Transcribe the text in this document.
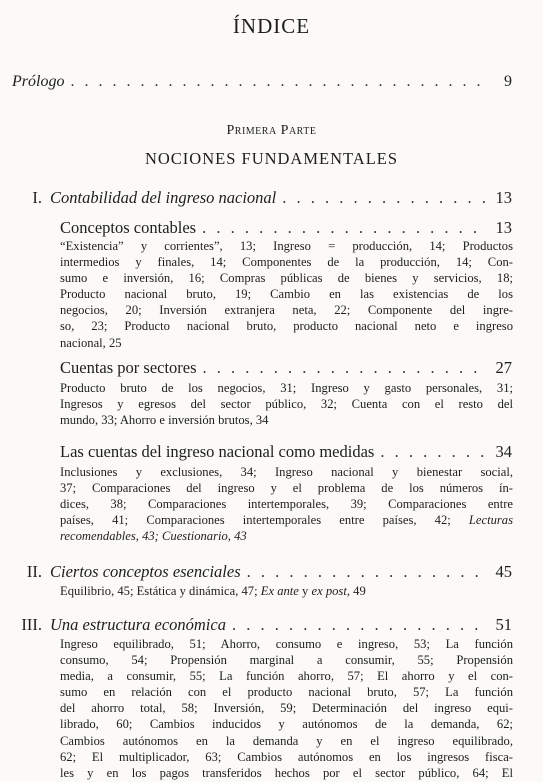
ÍNDICE
Prólogo . . .	9
Primera Parte
NOCIONES FUNDAMENTALES
I. Contabilidad del ingreso nacional . . .	13
Conceptos contables . . .	13
“Existencia” y corrientes”, 13; Ingreso = producción, 14; Productos
intermedios y finales, 14; Componentes de la producción, 14; Con-
sumo e inversión, 16; Compras públicas de bienes y servicios, 18;
Producto nacional bruto, 19; Cambio en las existencias de los
negocios, 20; Inversión extranjera neta, 22; Componente del ingre-
so, 23; Producto nacional bruto, producto nacional neto e ingreso
nacional, 25
Cuentas por sectores . . .	27
Producto bruto de los negocios, 31; Ingreso y gasto personales, 31;
Ingresos y egresos del sector público, 32; Cuenta con el resto del
mundo, 33; Ahorro e inversión brutos, 34
Las cuentas del ingreso nacional como medidas . . .	34
Inclusiones y exclusiones, 34; Ingreso nacional y bienestar social,
37; Comparaciones del ingreso y el problema de los números ín-
dices, 38; Comparaciones intertemporales, 39; Comparaciones entre
países, 41; Comparaciones intertemporales entre países, 42; Lecturas
recomendables, 43; Cuestionario, 43
II. Ciertos conceptos esenciales . . .	45
Equilibrio, 45; Estática y dinámica, 47; Ex ante y ex post, 49
III. Una estructura económica . . .	51
Ingreso equilibrado, 51; Ahorro, consumo e ingreso, 53; La función
consumo, 54; Propensión marginal a consumir, 55; Propensión
media, a consumir, 55; La función ahorro, 57; El ahorro y el con-
sumo en relación con el producto nacional bruto, 57; La función
del ahorro total, 58; Inversión, 59; Determinación del ingreso equi-
librado, 60; Cambios inducidos y autónomos de la demanda, 62;
Cambios autónomos en la demanda y en el ingreso equilibrado,
62; El multiplicador, 63; Cambios autónomos en los ingresos fisca-
les y en los pagos transferidos hechos por el sector público, 64; El
